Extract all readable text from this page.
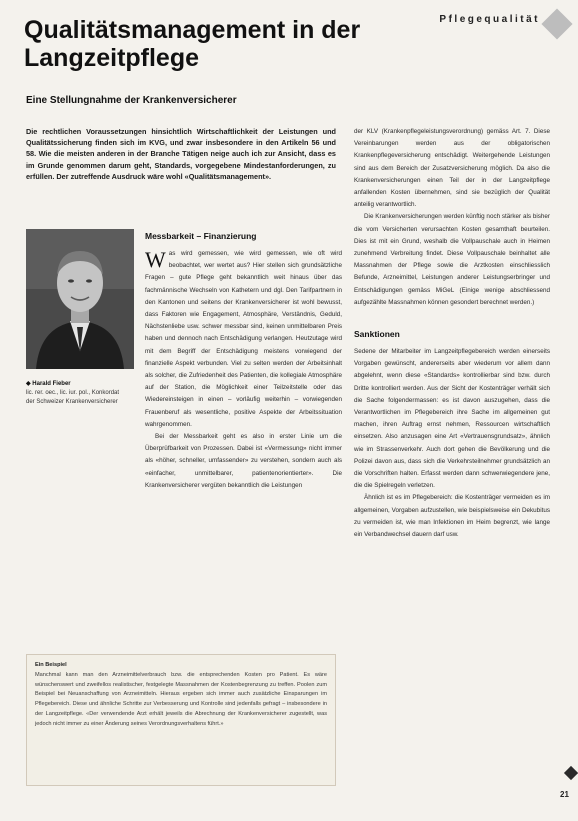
Pflegequalität
Qualitätsmanagement in der Langzeitpflege
Eine Stellungnahme der Krankenversicherer

Die rechtlichen Voraussetzungen hinsichtlich Wirtschaftlichkeit der Leistungen und Qualitätssicherung finden sich im KVG, und zwar insbesondere in den Artikeln 56 und 58. Wie die meisten anderen in der Branche Tätigen neige auch ich zur Ansicht, dass es im Grunde genommen darum geht, Standards, vorgegebene Mindestanforderungen, zu erfüllen. Der zutreffende Ausdruck wäre wohl «Qualitätsmanagement».

◆ Harald Fieber
lic. rer. oec., lic. iur. pol., Konkordat der Schweizer Krankenversicherer
Messbarkeit – Finanzierung

Was wird gemessen, wie wird gemessen, wie oft wird beobachtet, wer wertet aus? Hier stellen sich grundsätzliche Fragen – gute Pflege geht bekanntlich weit hinaus über das fachmännische Wechseln von Kathetern und dgl. Den Tarifpartnern in den Kantonen und seitens der Krankenversicherer ist wohl bewusst, dass Faktoren wie Engagement, Atmosphäre, Verständnis, Geduld, Nächstenliebe usw. schwer messbar sind, keinen unmittelbaren Preis haben und dennoch nach Entschädigung verlangen. Heutzutage wird mit dem Begriff der Entschädigung meistens vorwiegend der finanzielle Aspekt verbunden. Viel zu selten werden der Arbeitsinhalt als solcher, die Zufriedenheit des Patienten, die kollegiale Atmosphäre auf der Station, die Möglichkeit einer Teilzeitstelle oder das Wiedereinsteigen in einen – vorläufig weiterhin – vorwiegenden Frauenberuf als wesentliche, positive Aspekte der Arbeitssituation wahrgenommen.

Bei der Messbarkeit geht es also in erster Linie um die Überprüfbarkeit von Prozessen. Dabei ist «Vermessung» nicht immer als «höher, schneller, umfassender» zu verstehen, sondern auch als «einfacher, unmittelbarer, patientenorientierter». Die Krankenversicherer vergüten bekanntlich die Leistungen

der KLV (Krankenpflegeleistungsverordnung) gemäss Art. 7. Diese Vereinbarungen werden aus der obligatorischen Krankenpflegeversicherung entschädigt. Weitergehende Leistungen sind aus dem Bereich der Zusatzversicherung möglich. Da also die Krankenversicherungen einen Teil der in der Langzeitpflege anfallenden Kosten übernehmen, sind sie bezüglich der Qualität anteilig verantwortlich.

Die Krankenversicherungen werden künftig noch stärker als bisher die vom Versicherten verursachten Kosten gesamthaft beurteilen. Dies ist mit ein Grund, weshalb die Vollpauschale auch in Heimen zunehmend Verbreitung findet. Diese Vollpauschale beinhaltet alle Massnahmen der Pflege sowie die Arztkosten einschliesslich Befunde, Arzneimittel, Leistungen anderer Leistungserbringer und Entschädigungen gemäss MiGeL (Einige wenige abschliessend aufgezählte Massnahmen können gesondert berechnet werden.)

Sanktionen

Sedene der Mitarbeiter im Langzeitpflegebereich werden einerseits Vorgaben gewünscht, andererseits aber wiederum vor allem dann abgelehnt, wenn diese «Standards» kontrollierbar sind bzw. durch Dritte kontrolliert werden. Aus der Sicht der Kostenträger verhält sich die Sache folgendermassen: es ist davon auszugehen, dass die Verantwortlichen im Pflegebereich ihre Sache im allgemeinen gut machen, ihren Auftrag ernst nehmen, Ressourcen wirtschaftlich einsetzen. Also anzusagen eine Art «Vertrauensgrundsatz», ähnlich wie im Strassenverkehr. Auch dort gehen die Bevölkerung und die Polizei davon aus, dass sich die Verkehrsteilnehmer grundsätzlich an die Vorschriften halten. Erfasst werden dann schwerwiegendere jene, die die Spielregeln verletzen.

Ähnlich ist es im Pflegebereich: die Kostenträger vermeiden es im allgemeinen, Vorgaben aufzustellen, wie beispielsweise ein Dekubitus zu vermeiden ist, wie man Infektionen im Heim begrenzt, wie lange ein Verbandwechsel dauern darf usw.

Ein Beispiel
Manchmal kann man den Arzneimittelverbrauch bzw. die entsprechenden Kosten pro Patient. Es wäre wünschenswert und zweifellos realistischer, festgelegte Massnahmen der Kostenbegrenzung zu treffen. Poolen zum Beispiel bei Neuanschaffung von Arzneimitteln. Hieraus ergeben sich immer auch zusätzliche Einsparungen im Pflegebereich. Diese und ähnliche Schritte zur Verbesserung und Kontrolle sind jedenfalls gefragt – insbesondere in der Langzeitpflege. «Der verwendende Arzt erhält jeweils die Abrechnung der Krankenversicherer zugestellt, was jedoch nicht immer zu einer Änderung seines Verordnungsverhaltens führt.»
21
